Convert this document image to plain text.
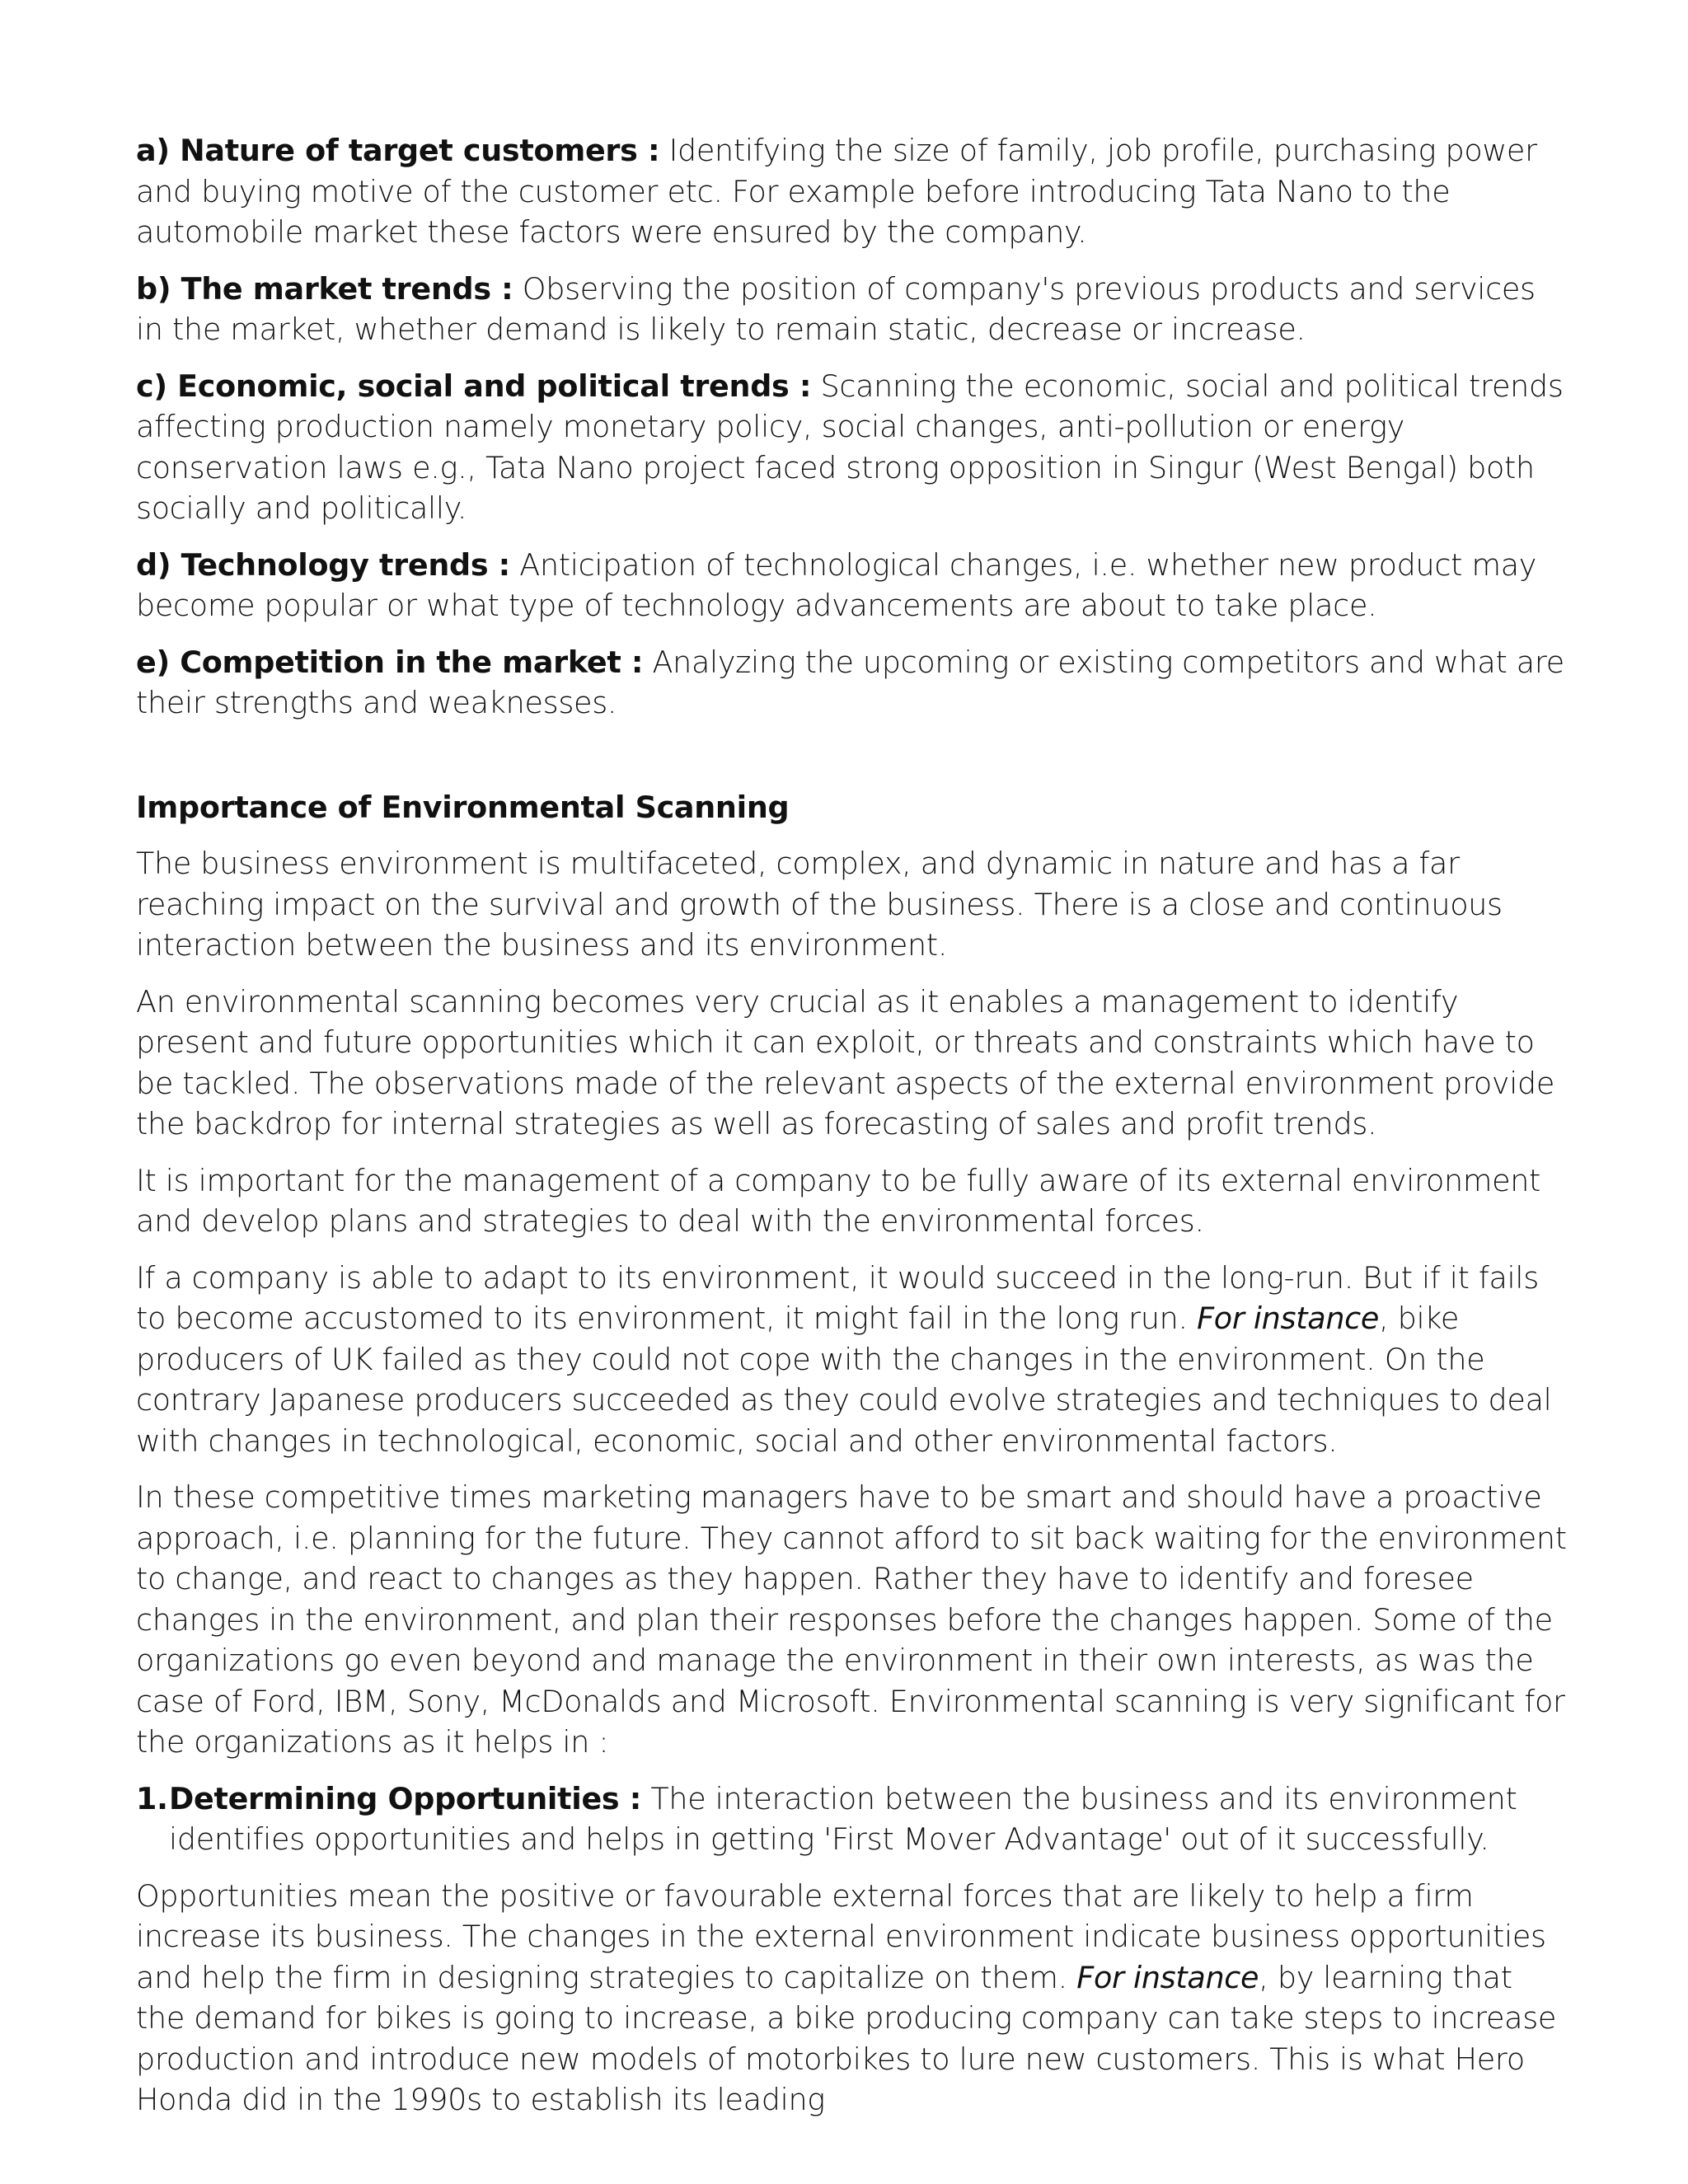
a) Nature of target customers : Identifying the size of family, job profile, purchasing power and buying motive of the customer etc. For example before introducing Tata Nano to the automobile market these factors were ensured by the company.

b) The market trends : Observing the position of company's previous products and services in the market, whether demand is likely to remain static, decrease or increase.

c) Economic, social and political trends : Scanning the economic, social and political trends affecting production namely monetary policy, social changes, anti-pollution or energy conservation laws e.g., Tata Nano project faced strong opposition in Singur (West Bengal) both socially and politically.

d) Technology trends : Anticipation of technological changes, i.e. whether new product may become popular or what type of technology advancements are about to take place.

e) Competition in the market : Analyzing the upcoming or existing competitors and what are their strengths and weaknesses.

Importance of Environmental Scanning

The business environment is multifaceted, complex, and dynamic in nature and has a far reaching impact on the survival and growth of the business. There is a close and continuous interaction between the business and its environment.

An environmental scanning becomes very crucial as it enables a management to identify present and future opportunities which it can exploit, or threats and constraints which have to be tackled. The observations made of the relevant aspects of the external environment provide the backdrop for internal strategies as well as forecasting of sales and profit trends.

It is important for the management of a company to be fully aware of its external environment and develop plans and strategies to deal with the environmental forces.

If a company is able to adapt to its environment, it would succeed in the long-run. But if it fails to become accustomed to its environment, it might fail in the long run. For instance, bike producers of UK failed as they could not cope with the changes in the environment. On the contrary Japanese producers succeeded as they could evolve strategies and techniques to deal with changes in technological, economic, social and other environmental factors.

In these competitive times marketing managers have to be smart and should have a proactive approach, i.e. planning for the future. They cannot afford to sit back waiting for the environment to change, and react to changes as they happen. Rather they have to identify and foresee changes in the environment, and plan their responses before the changes happen. Some of the organizations go even beyond and manage the environment in their own interests, as was the case of Ford, IBM, Sony, McDonalds and Microsoft. Environmental scanning is very significant for the organizations as it helps in :

1. Determining Opportunities : The interaction between the business and its environment identifies opportunities and helps in getting 'First Mover Advantage' out of it successfully.

Opportunities mean the positive or favourable external forces that are likely to help a firm increase its business. The changes in the external environment indicate business opportunities and help the firm in designing strategies to capitalize on them. For instance, by learning that the demand for bikes is going to increase, a bike producing company can take steps to increase production and introduce new models of motorbikes to lure new customers. This is what Hero Honda did in the 1990s to establish its leading
